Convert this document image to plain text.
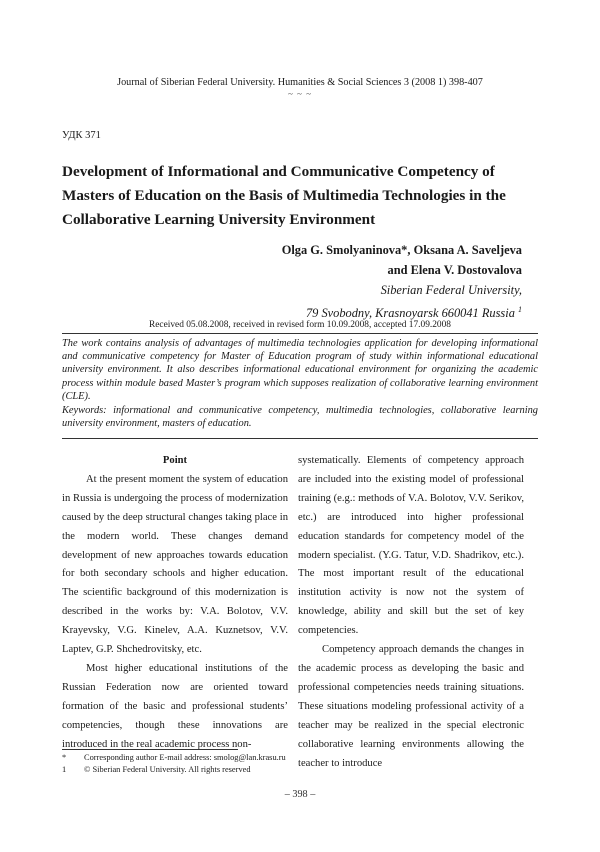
Journal of Siberian Federal University. Humanities & Social Sciences 3 (2008 1) 398-407
~ ~ ~
УДК 371
Development of Informational and Communicative Competency of Masters of Education on the Basis of Multimedia Technologies in the Collaborative Learning University Environment
Olga G. Smolyaninova*, Oksana A. Saveljeva
and Elena V. Dostovalova
Siberian Federal University,
79 Svobodny, Krasnoyarsk 660041 Russia $^1$
Received 05.08.2008, received in revised form 10.09.2008, accepted 17.09.2008

The work contains analysis of advantages of multimedia technologies application for developing informational and communicative competency for Master of Education program of study within informational educational university environment. It also describes informational educational environment for organizing the academic process within module based Master’s program which supposes realization of collaborative learning environment (CLE).

Keywords: informational and communicative competency, multimedia technologies, collaborative learning university environment, masters of education.

Point

At the present moment the system of education in Russia is undergoing the process of modernization caused by the deep structural changes taking place in the modern world. These changes demand development of new approaches towards education for both secondary schools and higher education. The scientific background of this modernization is described in the works by: V.A. Bolotov, V.V. Krayevsky, V.G. Kinelev, A.A. Kuznetsov, V.V. Laptev, G.P. Shchedrovitsky, etc.

Most higher educational institutions of the Russian Federation now are oriented toward formation of the basic and professional students’ competencies, though these innovations are introduced in the real academic process non-

systematically. Elements of competency approach are included into the existing model of professional training (e.g.: methods of V.A. Bolotov, V.V. Serikov, etc.) are introduced into higher professional education standards for competency model of the modern specialist. (Y.G. Tatur, V.D. Shadrikov, etc.). The most important result of the educational institution activity is now not the system of knowledge, ability and skill but the set of key competencies.

Competency approach demands the changes in the academic process as developing the basic and professional competencies needs training situations. These situations modeling professional activity of a teacher may be realized in the special electronic collaborative learning environments allowing the teacher to introduce

*	Corresponding author E-mail address: smolog@lan.krasu.ru
1	© Siberian Federal University. All rights reserved
– 398 –
